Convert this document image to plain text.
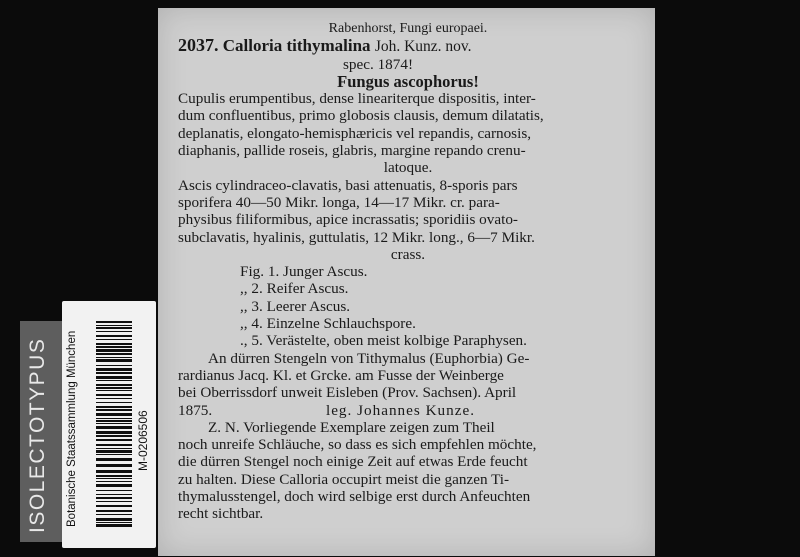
ISOLECTOTYPUS Botanische Staatssammlung München	M-0206506
Rabenhorst, Fungi europaei.
2037. Calloria tithymalina Joh. Kunz. nov.
spec. 1874!
Fungus ascophorus!
Cupulis erumpentibus, dense lineariterque dispositis, inter-
dum confluentibus, primo globosis clausis, demum dilatatis,
deplanatis, elongato-hemisphæricis vel repandis, carnosis,
diaphanis, pallide roseis, glabris, margine repando crenu-
latoque.
Ascis cylindraceo-clavatis, basi attenuatis, 8-sporis pars
sporifera 40—50 Mikr. longa, 14—17 Mikr. cr. para-
physibus filiformibus, apice incrassatis; sporidiis ovato-
subclavatis, hyalinis, guttulatis, 12 Mikr. long., 6—7 Mikr.
crass.
Fig. 1. Junger Ascus.
,, 2. Reifer Ascus.
,, 3. Leerer Ascus.
,, 4. Einzelne Schlauchspore.
., 5. Verästelte, oben meist kolbige Paraphysen.
An dürren Stengeln von Tithymalus (Euphorbia) Ge-
rardianus Jacq. Kl. et Grcke. am Fusse der Weinberge
bei Oberrissdorf unweit Eisleben (Prov. Sachsen). April
1875.	leg. Johannes Kunze.
Z. N. Vorliegende Exemplare zeigen zum Theil
noch unreife Schläuche, so dass es sich empfehlen möchte,
die dürren Stengel noch einige Zeit auf etwas Erde feucht
zu halten. Diese Calloria occupirt meist die ganzen Ti-
thymalusstengel, doch wird selbige erst durch Anfeuchten
recht sichtbar.
